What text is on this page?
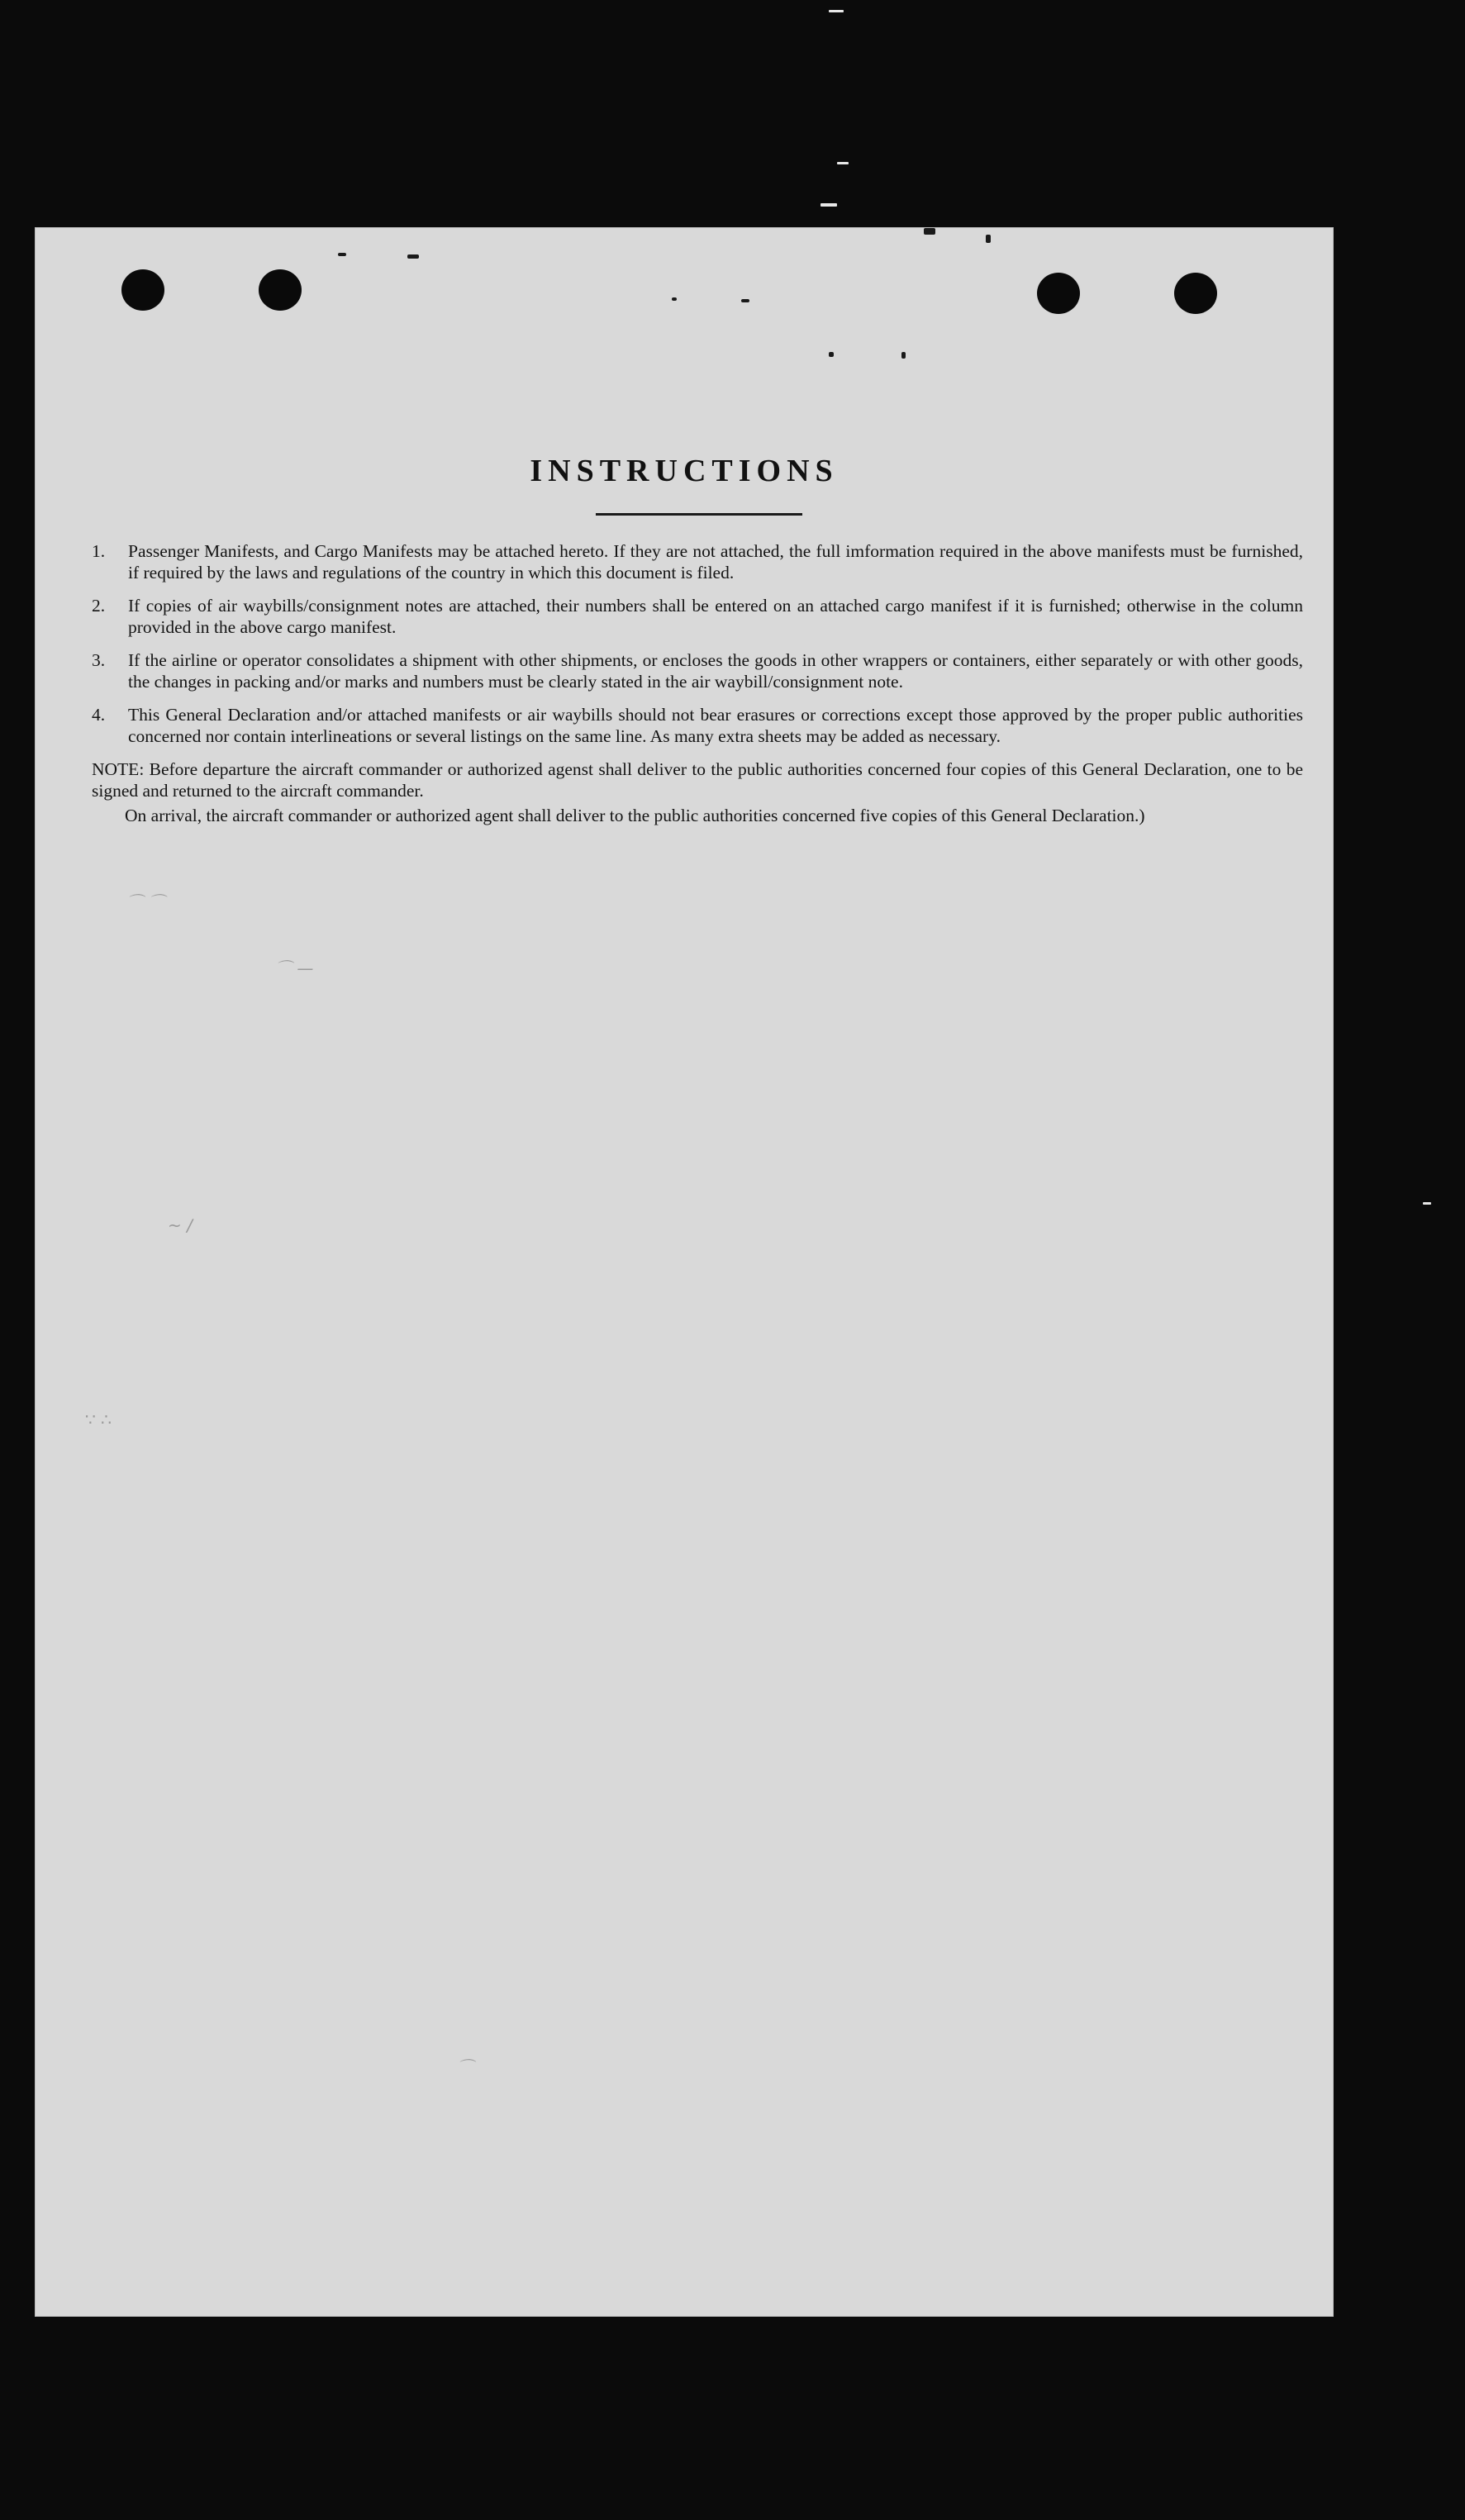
INSTRUCTIONS
1.	Passenger Manifests, and Cargo Manifests may be attached hereto. If they are not attached, the full imformation required in the above manifests must be furnished, if required by the laws and regulations of the country in which this document is filed.
2.	If copies of air waybills/consignment notes are attached, their numbers shall be entered on an attached cargo manifest if it is furnished; otherwise in the column provided in the above cargo manifest.
3.	If the airline or operator consolidates a shipment with other shipments, or encloses the goods in other wrappers or containers, either separately or with other goods, the changes in packing and/or marks and numbers must be clearly stated in the air waybill/consignment note.
4.	This General Declaration and/or attached manifests or air waybills should not bear erasures or corrections except those approved by the proper public authorities concerned nor contain interlineations or several listings on the same line. As many extra sheets may be added as necessary.
NOTE: Before departure the aircraft commander or authorized agenst shall deliver to the public authorities concerned four copies of this General Declaration, one to be signed and returned to the aircraft commander.
On arrival, the aircraft commander or authorized agent shall deliver to the public authorities concerned five copies of this General Declaration.)
⌒ ⌒
⌒ —
~ ∕
∵ ∴
⌒
